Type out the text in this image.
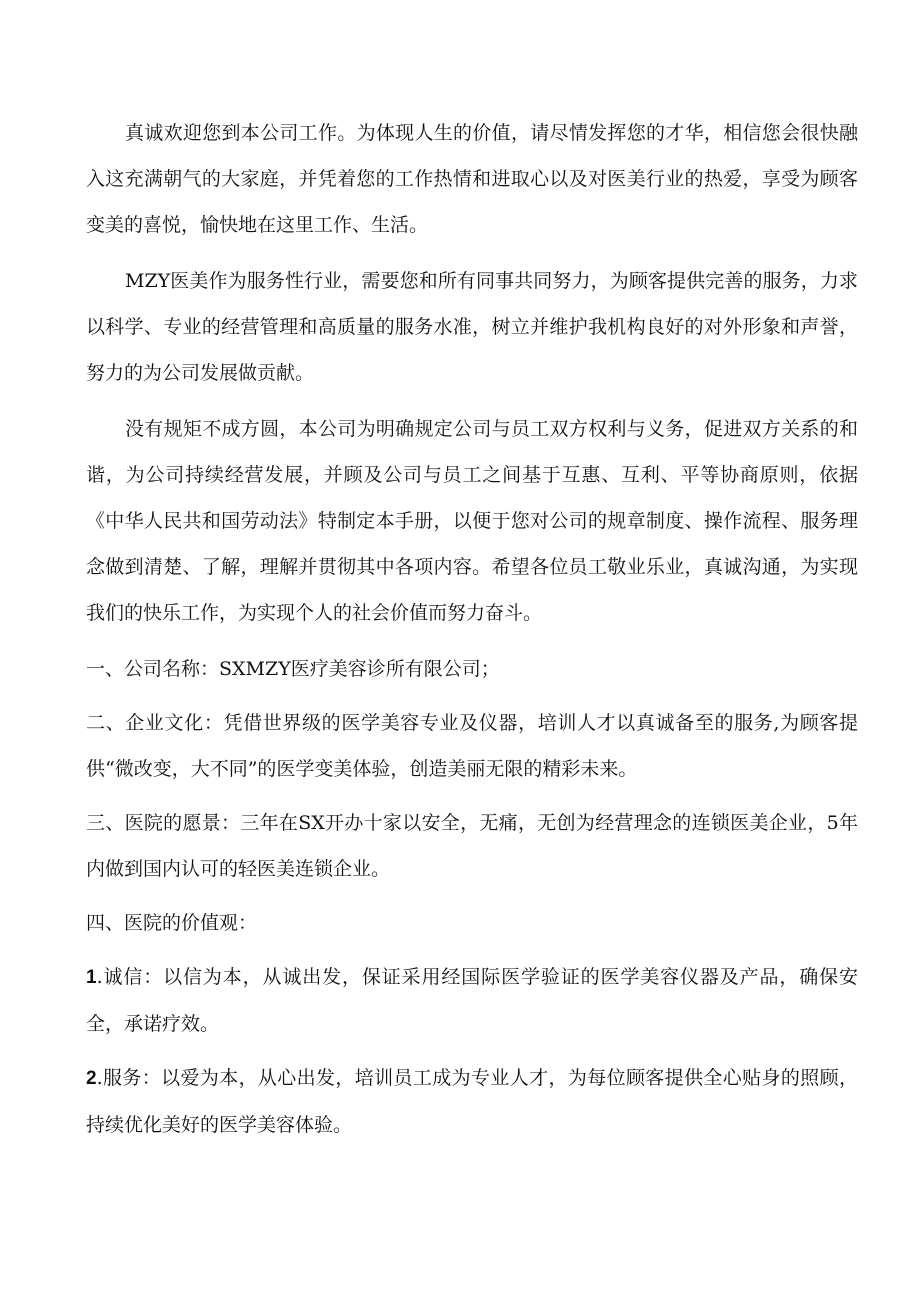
真诚欢迎您到本公司工作。为体现人生的价值，请尽情发挥您的才华，相信您会很快融入这充满朝气的大家庭，并凭着您的工作热情和进取心以及对医美行业的热爱，享受为顾客变美的喜悦，愉快地在这里工作、生活。

MZY医美作为服务性行业，需要您和所有同事共同努力，为顾客提供完善的服务，力求以科学、专业的经营管理和高质量的服务水准，树立并维护我机构良好的对外形象和声誉，努力的为公司发展做贡献。

没有规矩不成方圆，本公司为明确规定公司与员工双方权利与义务，促进双方关系的和谐，为公司持续经营发展，并顾及公司与员工之间基于互惠、互利、平等协商原则，依据《中华人民共和国劳动法》特制定本手册，以便于您对公司的规章制度、操作流程、服务理念做到清楚、了解，理解并贯彻其中各项内容。希望各位员工敬业乐业，真诚沟通，为实现我们的快乐工作，为实现个人的社会价值而努力奋斗。

一、公司名称：SXMZY医疗美容诊所有限公司；

二、企业文化：凭借世界级的医学美容专业及仪器，培训人才以真诚备至的服务,为顾客提供“微改变，大不同”的医学变美体验，创造美丽无限的精彩未来。

三、医院的愿景：三年在SX开办十家以安全，无痛，无创为经营理念的连锁医美企业，5年内做到国内认可的轻医美连锁企业。

四、医院的价值观：

1.诚信：以信为本，从诚出发，保证采用经国际医学验证的医学美容仪器及产品，确保安全，承诺疗效。

2.服务：以爱为本，从心出发，培训员工成为专业人才，为每位顾客提供全心贴身的照顾，持续优化美好的医学美容体验。
